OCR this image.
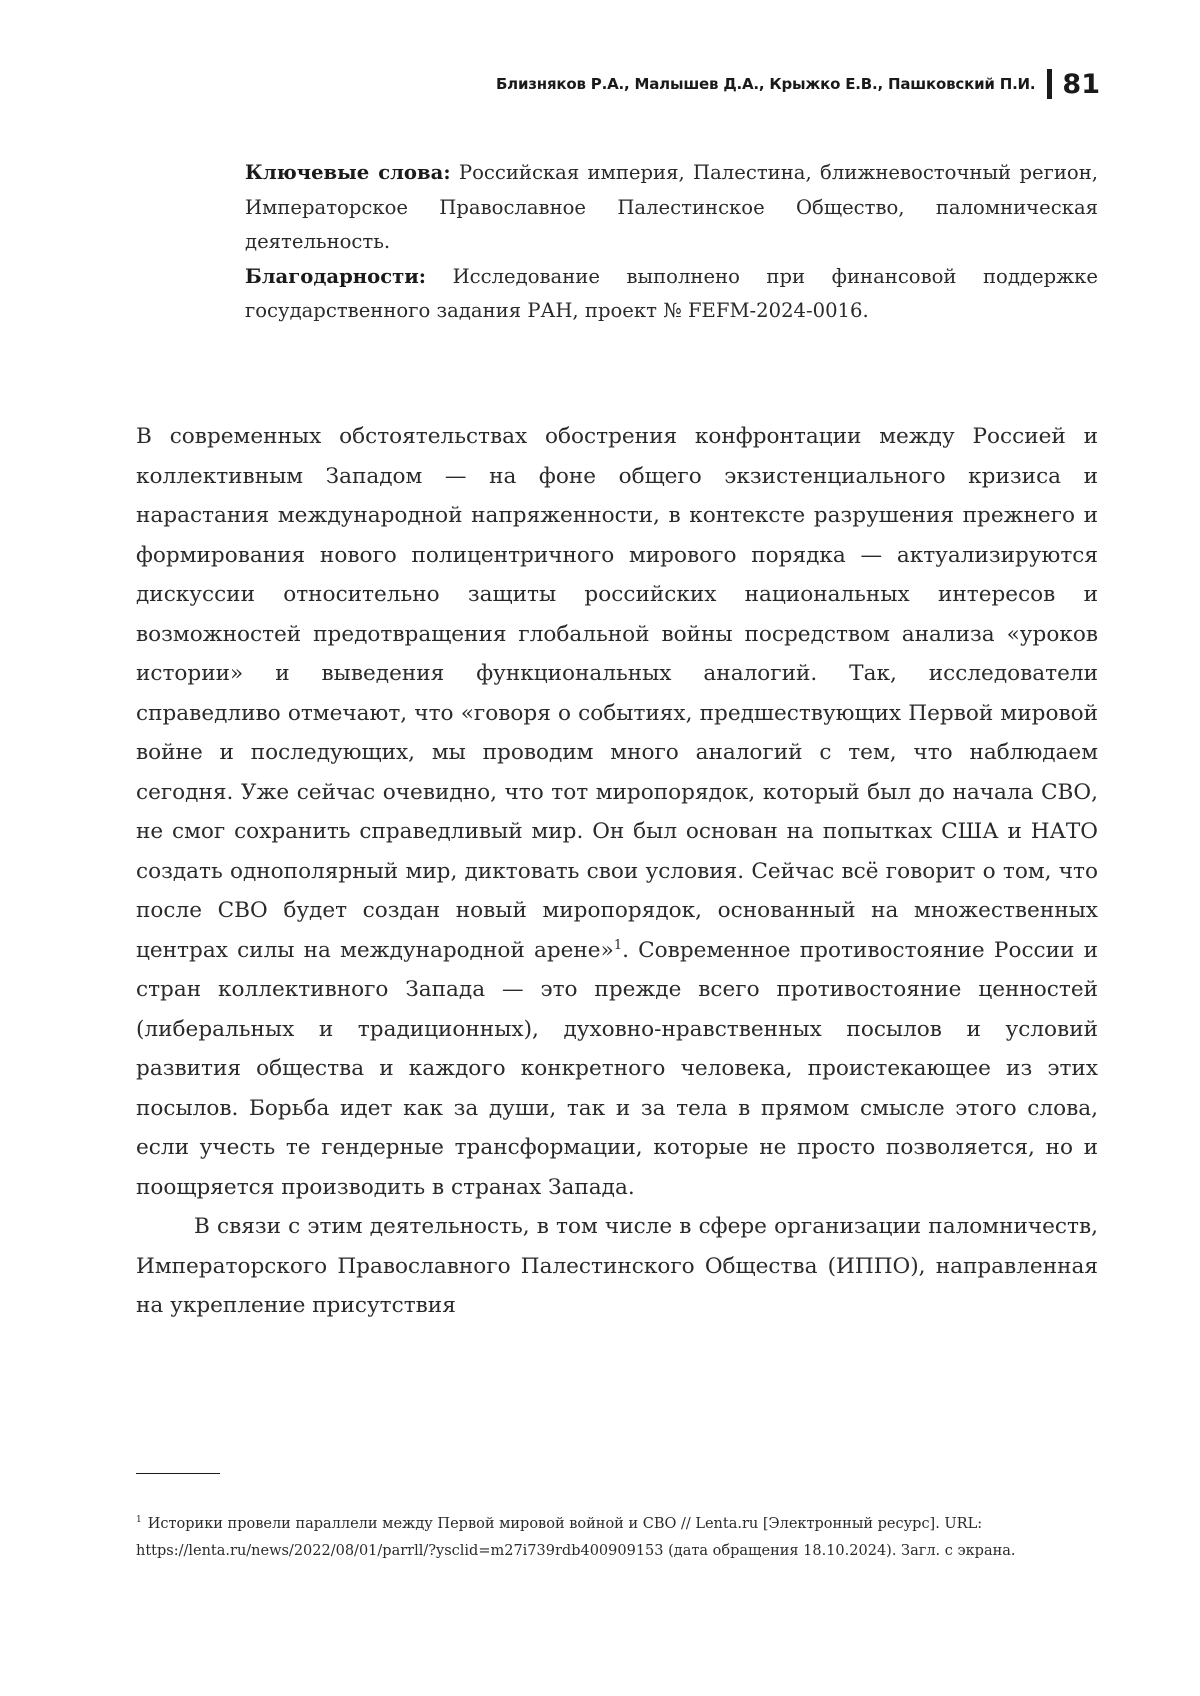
Близняков Р.А., Малышев Д.А., Крыжко Е.В., Пашковский П.И. 81

Ключевые слова: Российская империя, Палестина, ближневосточный регион, Императорское Православное Палестинское Общество, паломническая деятельность.

Благодарности: Исследование выполнено при финансовой поддержке государственного задания РАН, проект № FEFM-2024-0016.

В современных обстоятельствах обострения конфронтации между Россией и коллективным Западом — на фоне общего экзистенциального кризиса и нарастания международной напряженности, в контексте разрушения прежнего и формирования нового полицентричного мирового порядка — актуализируются дискуссии относительно защиты российских национальных интересов и возможностей предотвращения глобальной войны посредством анализа «уроков истории» и выведения функциональных аналогий. Так, исследователи справедливо отмечают, что «говоря о событиях, предшествующих Первой мировой войне и последующих, мы проводим много аналогий с тем, что наблюдаем сегодня. Уже сейчас очевидно, что тот миропорядок, который был до начала СВО, не смог сохранить справедливый мир. Он был основан на попытках США и НАТО создать однополярный мир, диктовать свои условия. Сейчас всё говорит о том, что после СВО будет создан новый миропорядок, основанный на множественных центрах силы на международной арене»$^1$. Современное противостояние России и стран коллективного Запада — это прежде всего противостояние ценностей (либеральных и традиционных), духовно-нравственных посылов и условий развития общества и каждого конкретного человека, проистекающее из этих посылов. Борьба идет как за души, так и за тела в прямом смысле этого слова, если учесть те гендерные трансформации, которые не просто позволяется, но и поощряется производить в странах Запада.

В связи с этим деятельность, в том числе в сфере организации паломничеств, Императорского Православного Палестинского Общества (ИППО), направленная на укрепление присутствия

$^1$ Историки провели параллели между Первой мировой войной и СВО // Lenta.ru [Электронный ресурс]. URL: https://lenta.ru/news/2022/08/01/parrll/?ysclid=m27i739rdb400909153 (дата обращения 18.10.2024). Загл. с экрана.
